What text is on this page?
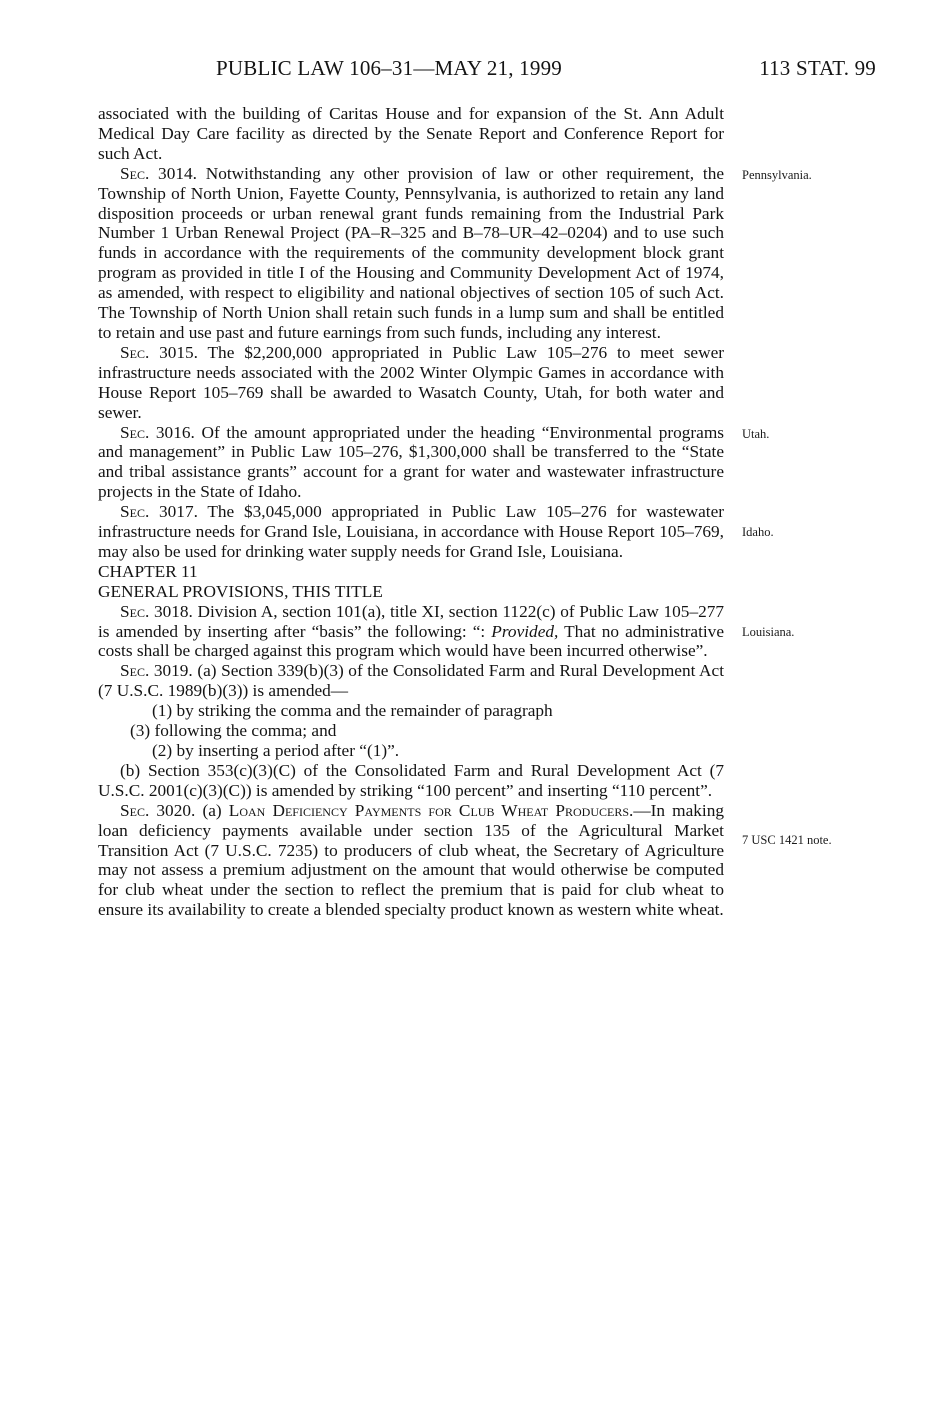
PUBLIC LAW 106–31—MAY 21, 1999	113 STAT. 99

associated with the building of Caritas House and for expansion of the St. Ann Adult Medical Day Care facility as directed by the Senate Report and Conference Report for such Act.

Sec. 3014. Notwithstanding any other provision of law or other requirement, the Township of North Union, Fayette County, Pennsylvania, is authorized to retain any land disposition proceeds or urban renewal grant funds remaining from the Industrial Park Number 1 Urban Renewal Project (PA–R–325 and B–78–UR–42–0204) and to use such funds in accordance with the requirements of the community development block grant program as provided in title I of the Housing and Community Development Act of 1974, as amended, with respect to eligibility and national objectives of section 105 of such Act. The Township of North Union shall retain such funds in a lump sum and shall be entitled to retain and use past and future earnings from such funds, including any interest.

Sec. 3015. The $2,200,000 appropriated in Public Law 105–276 to meet sewer infrastructure needs associated with the 2002 Winter Olympic Games in accordance with House Report 105–769 shall be awarded to Wasatch County, Utah, for both water and sewer.

Sec. 3016. Of the amount appropriated under the heading “Environmental programs and management” in Public Law 105–276, $1,300,000 shall be transferred to the “State and tribal assistance grants” account for a grant for water and wastewater infrastructure projects in the State of Idaho.

Sec. 3017. The $3,045,000 appropriated in Public Law 105–276 for wastewater infrastructure needs for Grand Isle, Louisiana, in accordance with House Report 105–769, may also be used for drinking water supply needs for Grand Isle, Louisiana.

CHAPTER 11

GENERAL PROVISIONS, THIS TITLE

Sec. 3018. Division A, section 101(a), title XI, section 1122(c) of Public Law 105–277 is amended by inserting after “basis” the following: “: Provided, That no administrative costs shall be charged against this program which would have been incurred otherwise”.

Sec. 3019. (a) Section 339(b)(3) of the Consolidated Farm and Rural Development Act (7 U.S.C. 1989(b)(3)) is amended—

(1) by striking the comma and the remainder of paragraph

(3) following the comma; and

(2) by inserting a period after “(1)”.

(b) Section 353(c)(3)(C) of the Consolidated Farm and Rural Development Act (7 U.S.C. 2001(c)(3)(C)) is amended by striking “100 percent” and inserting “110 percent”.

Sec. 3020. (a) Loan Deficiency Payments for Club Wheat Producers.—In making loan deficiency payments available under section 135 of the Agricultural Market Transition Act (7 U.S.C. 7235) to producers of club wheat, the Secretary of Agriculture may not assess a premium adjustment on the amount that would otherwise be computed for club wheat under the section to reflect the premium that is paid for club wheat to ensure its availability to create a blended specialty product known as western white wheat.

Pennsylvania.
Utah.
Idaho.
Louisiana.
7 USC 1421 note.
